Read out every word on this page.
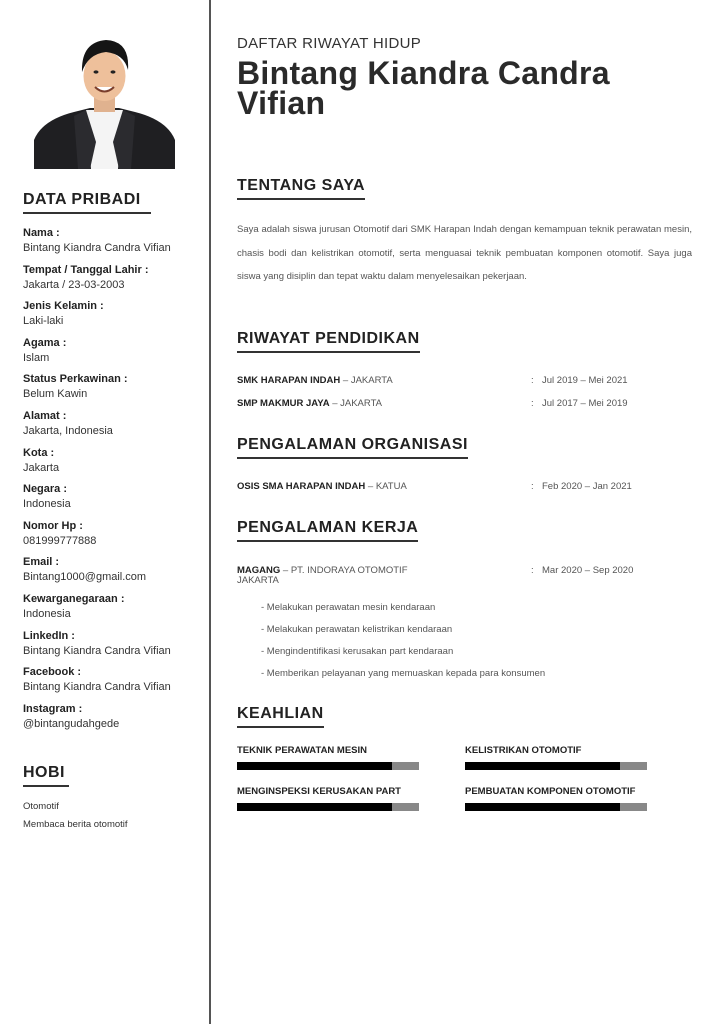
DATA PRIBADI
Nama :
Bintang Kiandra Candra Vifian
Tempat / Tanggal Lahir :
Jakarta / 23-03-2003
Jenis Kelamin :
Laki-laki
Agama :
Islam
Status Perkawinan :
Belum Kawin
Alamat :
Jakarta, Indonesia
Kota :
Jakarta
Negara :
Indonesia
Nomor Hp :
081999777888
Email :
Bintang1000@gmail.com
Kewarganegaraan :
Indonesia
LinkedIn :
Bintang Kiandra Candra Vifian
Facebook :
Bintang Kiandra Candra Vifian
Instagram :
@bintangudahgede
HOBI
Otomotif
Membaca berita otomotif
DAFTAR RIWAYAT HIDUP
Bintang Kiandra Candra Vifian
TENTANG SAYA
Saya adalah siswa jurusan Otomotif dari SMK Harapan Indah dengan kemampuan teknik perawatan mesin, chasis bodi dan kelistrikan otomotif, serta menguasai teknik pembuatan komponen otomotif. Saya juga siswa yang disiplin dan tepat waktu dalam menyelesaikan pekerjaan.
RIWAYAT PENDIDIKAN
SMK HARAPAN INDAH – JAKARTA	: Jul 2019 – Mei 2021
SMP MAKMUR JAYA – JAKARTA	: Jul 2017 – Mei 2019
PENGALAMAN ORGANISASI
OSIS SMA HARAPAN INDAH – KATUA	: Feb 2020 – Jan 2021
PENGALAMAN KERJA
MAGANG – PT. INDORAYA OTOMOTIF	: Mar 2020 – Sep 2020
JAKARTA
- Melakukan perawatan mesin kendaraan
- Melakukan perawatan kelistrikan kendaraan
- Mengindentifikasi kerusakan part kendaraan
- Memberikan pelayanan yang memuaskan kepada para konsumen
KEAHLIAN
TEKNIK PERAWATAN MESIN	KELISTRIKAN OTOMOTIF
MENGINSPEKSI KERUSAKAN PART	PEMBUATAN KOMPONEN OTOMOTIF
